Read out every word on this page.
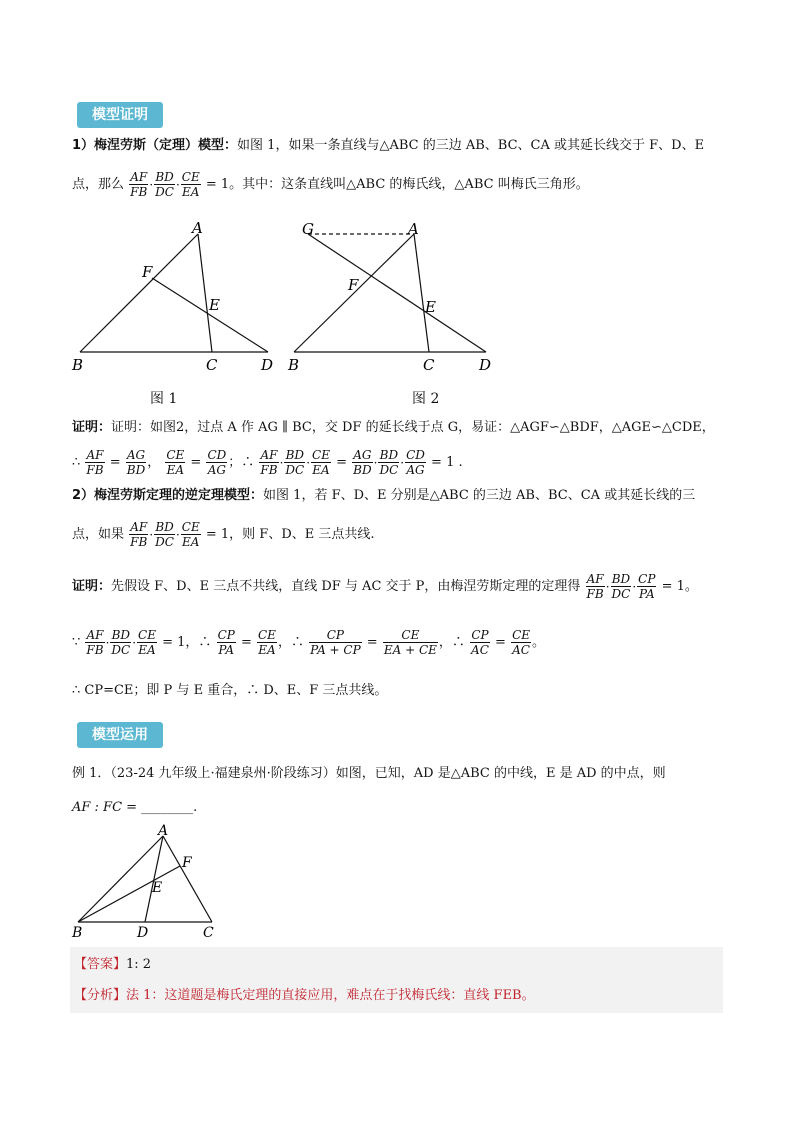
模型证明
1）梅涅劳斯（定理）模型：如图 1，如果一条直线与△ABC 的三边 AB、BC、CA 或其延长线交于 F、D、E
点，那么 $\frac{AF}{FB} \cdot \frac{BD}{DC} \cdot \frac{CE}{EA} = 1$。其中：这条直线叫△ABC 的梅氏线，△ABC 叫梅氏三角形。
A
F
E
B	C	D
图 1
G	A
F
E
B	C	D
图 2
证明：证明：如图2，过点 A 作 AG ∥ BC，交 DF 的延长线于点 G，易证：△AGF∽△BDF，△AGE∽△CDE，
∴ $\frac{AF}{FB} = \frac{AG}{BD}$ ， $\frac{CE}{EA} = \frac{CD}{AG}$ ；∴ $\frac{AF}{FB} \cdot \frac{BD}{DC} \cdot \frac{CE}{EA} = \frac{AG}{BD} \cdot \frac{BD}{DC} \cdot \frac{CD}{AG} = 1$ .
2）梅涅劳斯定理的逆定理模型：如图 1，若 F、D、E 分别是△ABC 的三边 AB、BC、CA 或其延长线的三
点，如果 $\frac{AF}{FB} \cdot \frac{BD}{DC} \cdot \frac{CE}{EA} = 1$，则 F、D、E 三点共线.
证明：先假设 F、D、E 三点不共线，直线 DF 与 AC 交于 P，由梅涅劳斯定理的定理得 $\frac{AF}{FB} \cdot \frac{BD}{DC} \cdot \frac{CP}{PA} = 1$。
∵ $\frac{AF}{FB} \cdot \frac{BD}{DC} \cdot \frac{CE}{EA} = 1$，∴ $\frac{CP}{PA} = \frac{CE}{EA}$ ，∴ $\frac{CP}{PA + CP} = \frac{CE}{EA + CE}$ ，∴ $\frac{CP}{AC} = \frac{CE}{AC}$ 。
∴ CP=CE；即 P 与 E 重合，∴ D、E、F 三点共线。
模型运用
例 1．（23-24 九年级上·福建泉州·阶段练习）如图，已知，AD 是△ABC 的中线，E 是 AD 的中点，则
AF : FC = ________.
A
F
E
B	D	C
【答案】1: 2
【分析】法 1：这道题是梅氏定理的直接应用，难点在于找梅氏线：直线 FEB。
